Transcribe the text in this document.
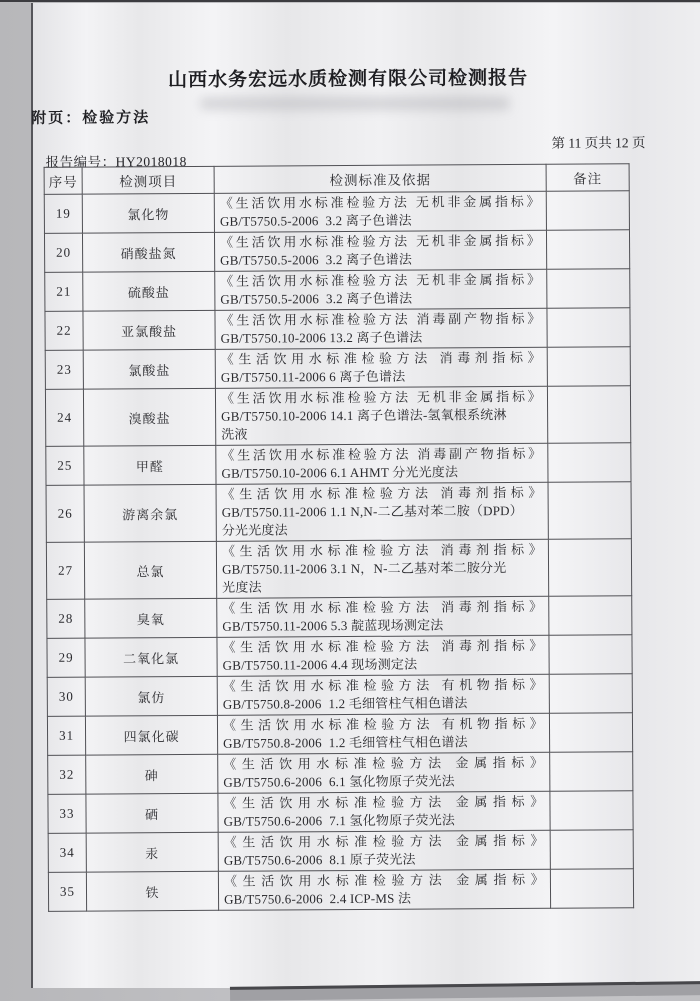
山西水务宏远水质检测有限公司检测报告
附页：检验方法
第 11 页共 12 页
报告编号：HY2018018
序号	检测项目	检测标准及依据	备注
19	氯化物	《生活饮用水标准检验方法 无机非金属指标》
GB/T5750.5-2006  3.2 离子色谱法	

20	硝酸盐氮	《生活饮用水标准检验方法 无机非金属指标》
GB/T5750.5-2006  3.2 离子色谱法	

21	硫酸盐	《生活饮用水标准检验方法 无机非金属指标》
GB/T5750.5-2006  3.2 离子色谱法	

22	亚氯酸盐	《生活饮用水标准检验方法 消毒副产物指标》
GB/T5750.10-2006 13.2 离子色谱法	

23	氯酸盐	《生活饮用水标准检验方法 消毒剂指标》
GB/T5750.11-2006 6 离子色谱法	

24	溴酸盐	《生活饮用水标准检验方法 无机非金属指标》
GB/T5750.10-2006 14.1 离子色谱法-氢氧根系统淋
洗液	

25	甲醛	《生活饮用水标准检验方法 消毒副产物指标》
GB/T5750.10-2006 6.1 AHMT 分光光度法	

26	游离余氯	《生活饮用水标准检验方法 消毒剂指标》
GB/T5750.11-2006 1.1 N,N-二乙基对苯二胺（DPD）
分光光度法	

27	总氯	《生活饮用水标准检验方法 消毒剂指标》
GB/T5750.11-2006 3.1 N，N-二乙基对苯二胺分光
光度法	

28	臭氧	《生活饮用水标准检验方法 消毒剂指标》
GB/T5750.11-2006 5.3 靛蓝现场测定法	

29	二氧化氯	《生活饮用水标准检验方法 消毒剂指标》
GB/T5750.11-2006 4.4 现场测定法	

30	氯仿	《生活饮用水标准检验方法 有机物指标》
GB/T5750.8-2006  1.2 毛细管柱气相色谱法	

31	四氯化碳	《生活饮用水标准检验方法 有机物指标》
GB/T5750.8-2006  1.2 毛细管柱气相色谱法	

32	砷	《生活饮用水标准检验方法 金属指标》
GB/T5750.6-2006  6.1 氢化物原子荧光法	

33	硒	《生活饮用水标准检验方法 金属指标》
GB/T5750.6-2006  7.1 氢化物原子荧光法	

34	汞	《生活饮用水标准检验方法 金属指标》
GB/T5750.6-2006  8.1 原子荧光法	

35	铁	《生活饮用水标准检验方法 金属指标》
GB/T5750.6-2006  2.4 ICP-MS 法	
